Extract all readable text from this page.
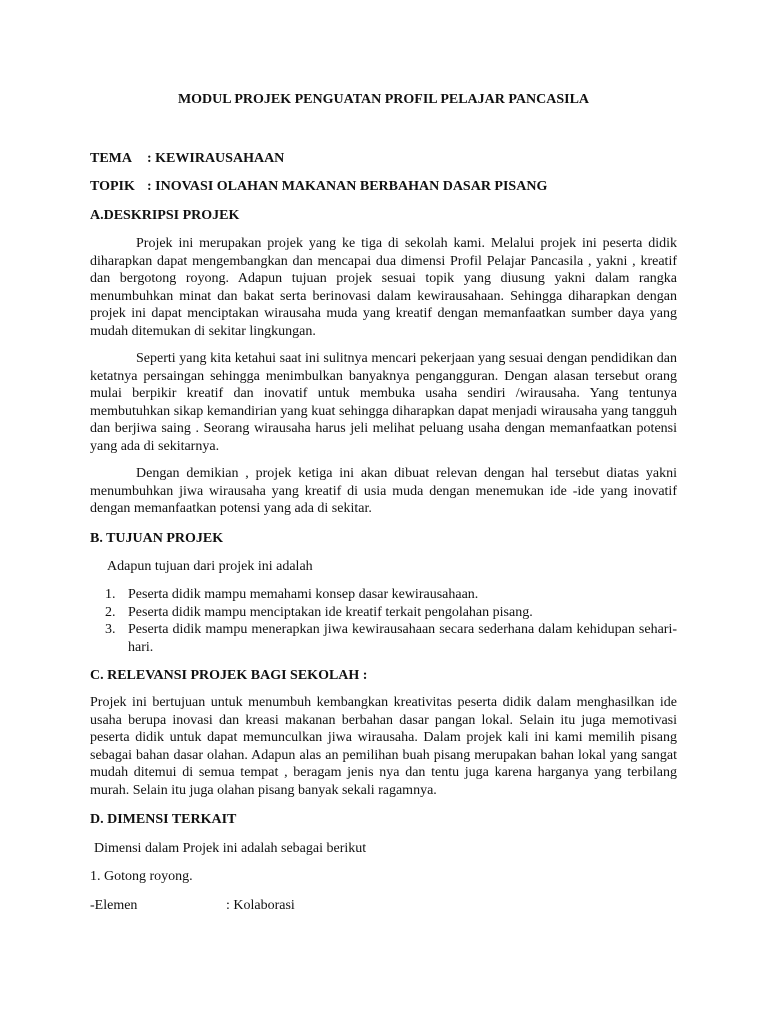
MODUL PROJEK PENGUATAN PROFIL PELAJAR PANCASILA
TEMA : KEWIRAUSAHAAN
TOPIK : INOVASI OLAHAN MAKANAN BERBAHAN DASAR PISANG
A.DESKRIPSI PROJEK
Projek ini merupakan projek yang ke tiga di sekolah kami. Melalui projek ini peserta didik diharapkan dapat mengembangkan dan mencapai dua dimensi Profil Pelajar Pancasila , yakni , kreatif dan bergotong royong. Adapun tujuan projek sesuai topik yang diusung yakni dalam rangka menumbuhkan minat dan bakat serta berinovasi dalam kewirausahaan. Sehingga diharapkan dengan projek ini dapat menciptakan wirausaha muda yang kreatif dengan memanfaatkan sumber daya yang mudah ditemukan di sekitar lingkungan.
Seperti yang kita ketahui saat ini sulitnya mencari pekerjaan yang sesuai dengan pendidikan dan ketatnya persaingan sehingga menimbulkan banyaknya pengangguran. Dengan alasan tersebut orang mulai berpikir kreatif dan inovatif untuk membuka usaha sendiri /wirausaha. Yang tentunya membutuhkan sikap kemandirian yang kuat sehingga diharapkan dapat menjadi wirausaha yang tangguh dan berjiwa saing . Seorang wirausaha harus jeli melihat peluang usaha dengan memanfaatkan potensi yang ada di sekitarnya.
Dengan demikian , projek ketiga ini akan dibuat relevan dengan hal tersebut diatas yakni menumbuhkan jiwa wirausaha yang kreatif di usia muda dengan menemukan ide -ide yang inovatif dengan memanfaatkan potensi yang ada di sekitar.
B. TUJUAN PROJEK
Adapun tujuan dari projek ini adalah
1. Peserta didik mampu memahami konsep dasar kewirausahaan.
2. Peserta didik mampu menciptakan ide kreatif terkait pengolahan pisang.
3. Peserta didik mampu menerapkan jiwa kewirausahaan secara sederhana dalam kehidupan sehari-hari.
C. RELEVANSI PROJEK BAGI SEKOLAH :
Projek ini bertujuan untuk menumbuh kembangkan kreativitas peserta didik dalam menghasilkan ide usaha berupa inovasi dan kreasi makanan berbahan dasar pangan lokal. Selain itu juga memotivasi peserta didik untuk dapat memunculkan jiwa wirausaha. Dalam projek kali ini kami memilih pisang sebagai bahan dasar olahan. Adapun alas an pemilihan buah pisang merupakan bahan lokal yang sangat mudah ditemui di semua tempat , beragam jenis nya dan tentu juga karena harganya yang terbilang murah. Selain itu juga olahan pisang banyak sekali ragamnya.
D. DIMENSI TERKAIT
Dimensi dalam Projek ini adalah sebagai berikut
1. Gotong royong.
-Elemen	: Kolaborasi
